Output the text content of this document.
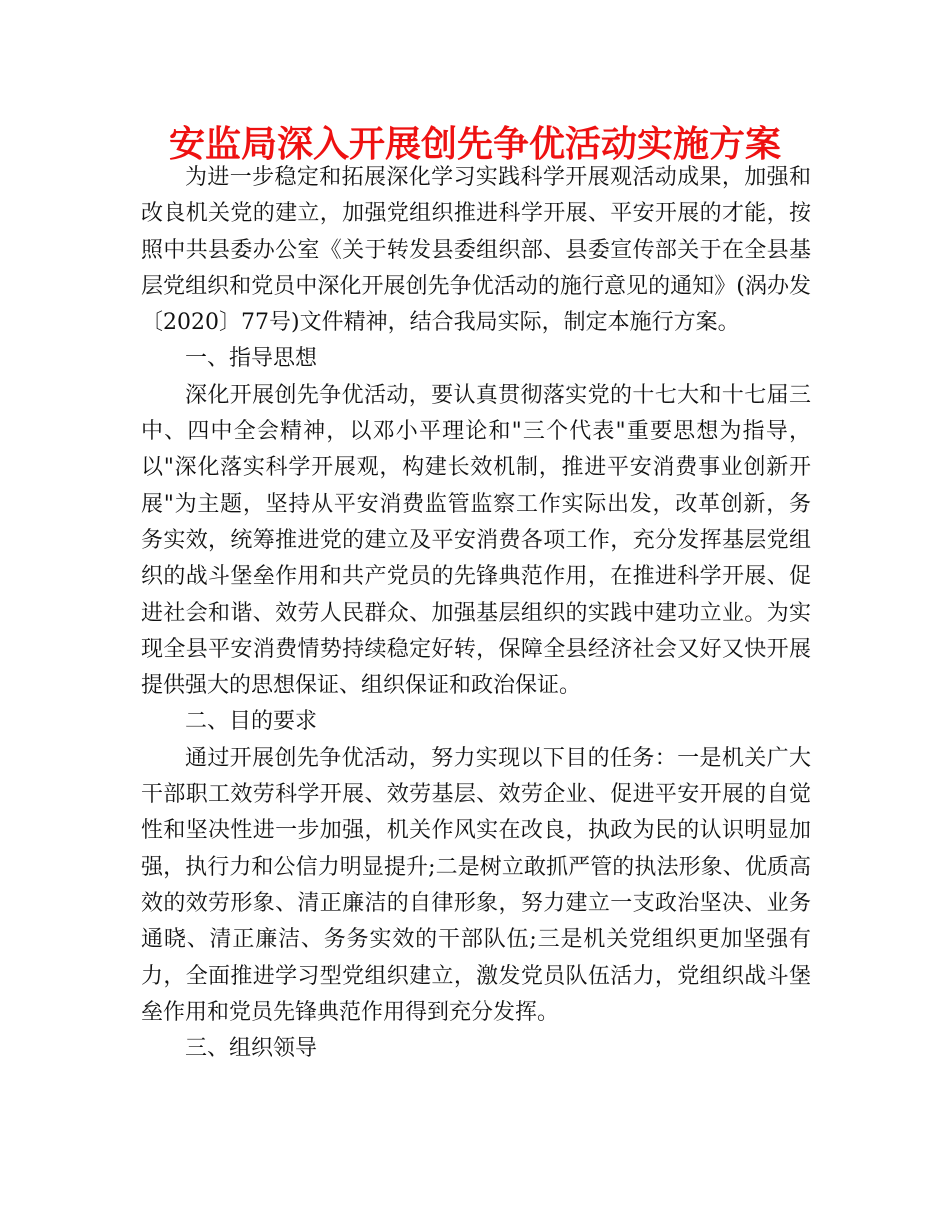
安监局深入开展创先争优活动实施方案

为进一步稳定和拓展深化学习实践科学开展观活动成果，加强和改良机关党的建立，加强党组织推进科学开展、平安开展的才能，按照中共县委办公室《关于转发县委组织部、县委宣传部关于在全县基层党组织和党员中深化开展创先争优活动的施行意见的通知》(涡办发〔2020〕77号)文件精神，结合我局实际，制定本施行方案。

一、指导思想

深化开展创先争优活动，要认真贯彻落实党的十七大和十七届三中、四中全会精神，以邓小平理论和"三个代表"重要思想为指导，以"深化落实科学开展观，构建长效机制，推进平安消费事业创新开展"为主题，坚持从平安消费监管监察工作实际出发，改革创新，务务实效，统筹推进党的建立及平安消费各项工作，充分发挥基层党组织的战斗堡垒作用和共产党员的先锋典范作用，在推进科学开展、促进社会和谐、效劳人民群众、加强基层组织的实践中建功立业。为实现全县平安消费情势持续稳定好转，保障全县经济社会又好又快开展提供强大的思想保证、组织保证和政治保证。

二、目的要求

通过开展创先争优活动，努力实现以下目的任务：一是机关广大干部职工效劳科学开展、效劳基层、效劳企业、促进平安开展的自觉性和坚决性进一步加强，机关作风实在改良，执政为民的认识明显加强，执行力和公信力明显提升;二是树立敢抓严管的执法形象、优质高效的效劳形象、清正廉洁的自律形象，努力建立一支政治坚决、业务通晓、清正廉洁、务务实效的干部队伍;三是机关党组织更加坚强有力，全面推进学习型党组织建立，激发党员队伍活力，党组织战斗堡垒作用和党员先锋典范作用得到充分发挥。

三、组织领导
